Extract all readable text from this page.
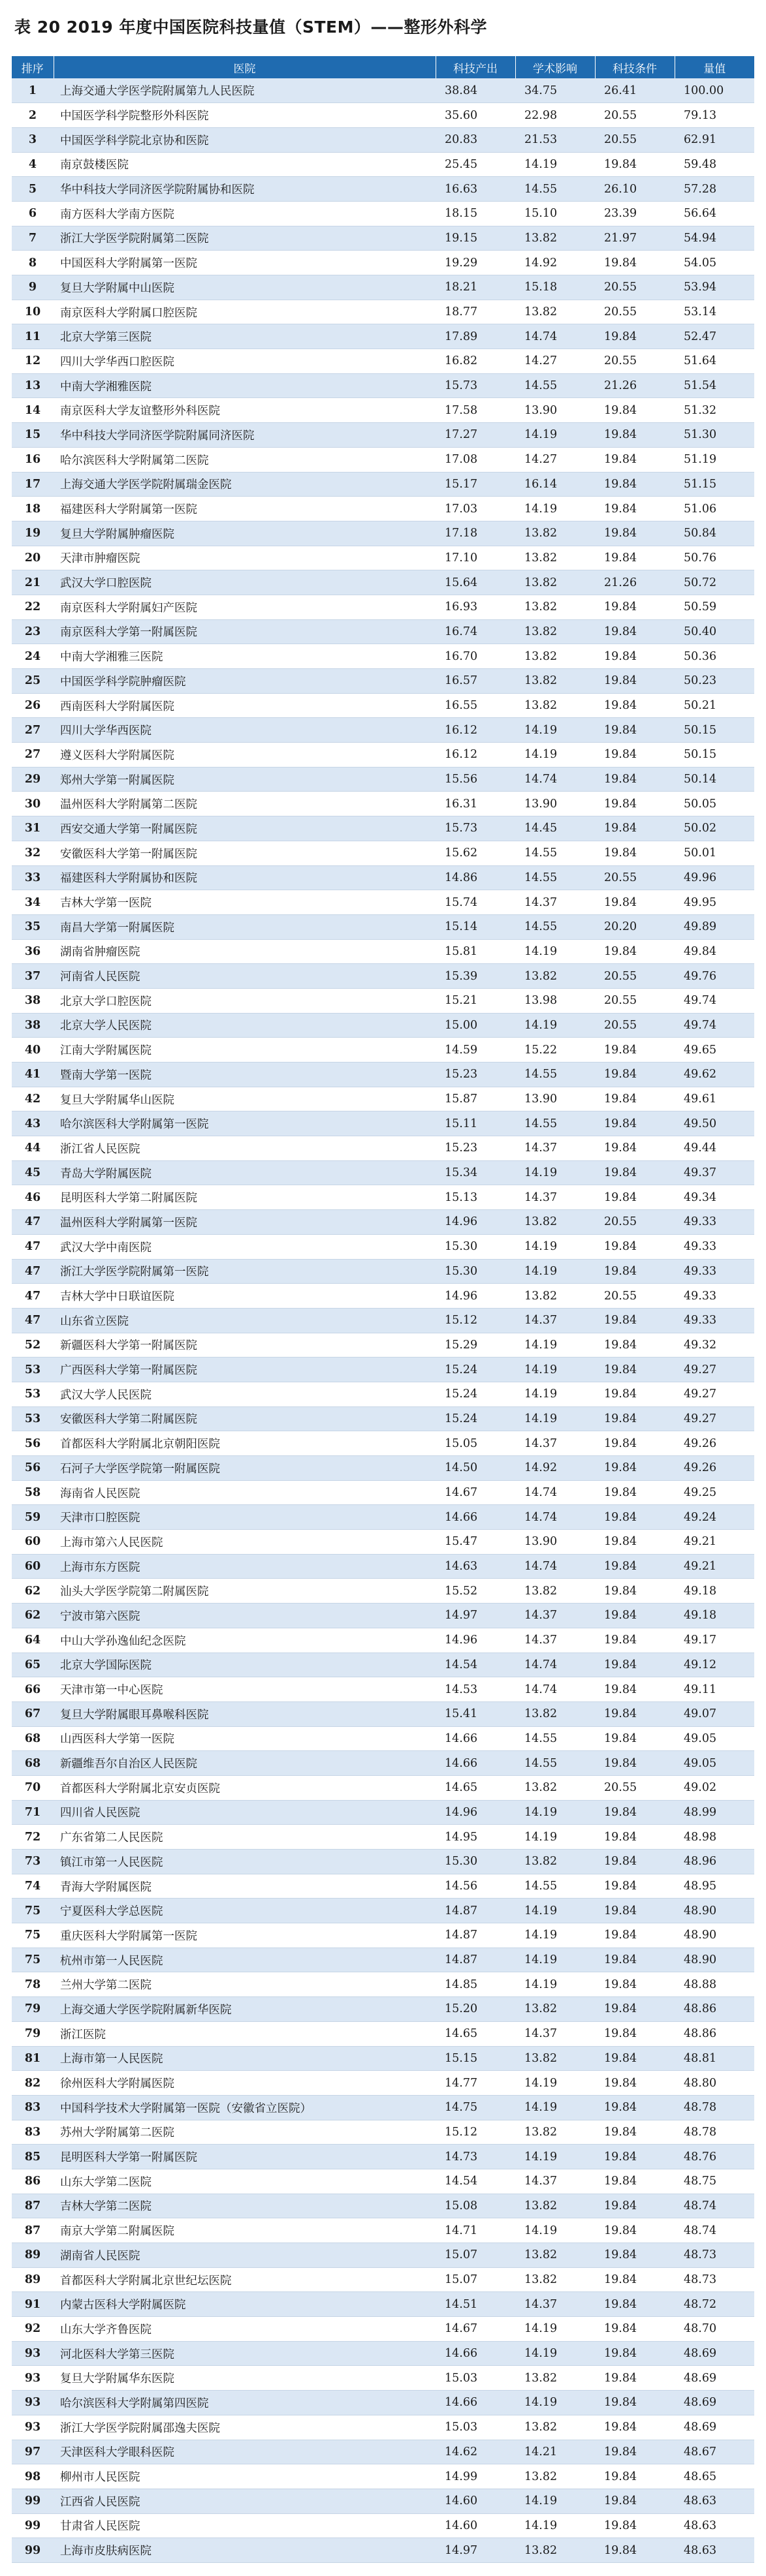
表 20 2019 年度中国医院科技量值（STEM）——整形外科学
排序	医院	科技产出	学术影响	科技条件	量值
1	上海交通大学医学院附属第九人民医院	38.84	34.75	26.41	100.00
2	中国医学科学院整形外科医院	35.60	22.98	20.55	79.13
3	中国医学科学院北京协和医院	20.83	21.53	20.55	62.91
4	南京鼓楼医院	25.45	14.19	19.84	59.48
5	华中科技大学同济医学院附属协和医院	16.63	14.55	26.10	57.28
6	南方医科大学南方医院	18.15	15.10	23.39	56.64
7	浙江大学医学院附属第二医院	19.15	13.82	21.97	54.94
8	中国医科大学附属第一医院	19.29	14.92	19.84	54.05
9	复旦大学附属中山医院	18.21	15.18	20.55	53.94
10	南京医科大学附属口腔医院	18.77	13.82	20.55	53.14
11	北京大学第三医院	17.89	14.74	19.84	52.47
12	四川大学华西口腔医院	16.82	14.27	20.55	51.64
13	中南大学湘雅医院	15.73	14.55	21.26	51.54
14	南京医科大学友谊整形外科医院	17.58	13.90	19.84	51.32
15	华中科技大学同济医学院附属同济医院	17.27	14.19	19.84	51.30
16	哈尔滨医科大学附属第二医院	17.08	14.27	19.84	51.19
17	上海交通大学医学院附属瑞金医院	15.17	16.14	19.84	51.15
18	福建医科大学附属第一医院	17.03	14.19	19.84	51.06
19	复旦大学附属肿瘤医院	17.18	13.82	19.84	50.84
20	天津市肿瘤医院	17.10	13.82	19.84	50.76
21	武汉大学口腔医院	15.64	13.82	21.26	50.72
22	南京医科大学附属妇产医院	16.93	13.82	19.84	50.59
23	南京医科大学第一附属医院	16.74	13.82	19.84	50.40
24	中南大学湘雅三医院	16.70	13.82	19.84	50.36
25	中国医学科学院肿瘤医院	16.57	13.82	19.84	50.23
26	西南医科大学附属医院	16.55	13.82	19.84	50.21
27	四川大学华西医院	16.12	14.19	19.84	50.15
27	遵义医科大学附属医院	16.12	14.19	19.84	50.15
29	郑州大学第一附属医院	15.56	14.74	19.84	50.14
30	温州医科大学附属第二医院	16.31	13.90	19.84	50.05
31	西安交通大学第一附属医院	15.73	14.45	19.84	50.02
32	安徽医科大学第一附属医院	15.62	14.55	19.84	50.01
33	福建医科大学附属协和医院	14.86	14.55	20.55	49.96
34	吉林大学第一医院	15.74	14.37	19.84	49.95
35	南昌大学第一附属医院	15.14	14.55	20.20	49.89
36	湖南省肿瘤医院	15.81	14.19	19.84	49.84
37	河南省人民医院	15.39	13.82	20.55	49.76
38	北京大学口腔医院	15.21	13.98	20.55	49.74
38	北京大学人民医院	15.00	14.19	20.55	49.74
40	江南大学附属医院	14.59	15.22	19.84	49.65
41	暨南大学第一医院	15.23	14.55	19.84	49.62
42	复旦大学附属华山医院	15.87	13.90	19.84	49.61
43	哈尔滨医科大学附属第一医院	15.11	14.55	19.84	49.50
44	浙江省人民医院	15.23	14.37	19.84	49.44
45	青岛大学附属医院	15.34	14.19	19.84	49.37
46	昆明医科大学第二附属医院	15.13	14.37	19.84	49.34
47	温州医科大学附属第一医院	14.96	13.82	20.55	49.33
47	武汉大学中南医院	15.30	14.19	19.84	49.33
47	浙江大学医学院附属第一医院	15.30	14.19	19.84	49.33
47	吉林大学中日联谊医院	14.96	13.82	20.55	49.33
47	山东省立医院	15.12	14.37	19.84	49.33
52	新疆医科大学第一附属医院	15.29	14.19	19.84	49.32
53	广西医科大学第一附属医院	15.24	14.19	19.84	49.27
53	武汉大学人民医院	15.24	14.19	19.84	49.27
53	安徽医科大学第二附属医院	15.24	14.19	19.84	49.27
56	首都医科大学附属北京朝阳医院	15.05	14.37	19.84	49.26
56	石河子大学医学院第一附属医院	14.50	14.92	19.84	49.26
58	海南省人民医院	14.67	14.74	19.84	49.25
59	天津市口腔医院	14.66	14.74	19.84	49.24
60	上海市第六人民医院	15.47	13.90	19.84	49.21
60	上海市东方医院	14.63	14.74	19.84	49.21
62	汕头大学医学院第二附属医院	15.52	13.82	19.84	49.18
62	宁波市第六医院	14.97	14.37	19.84	49.18
64	中山大学孙逸仙纪念医院	14.96	14.37	19.84	49.17
65	北京大学国际医院	14.54	14.74	19.84	49.12
66	天津市第一中心医院	14.53	14.74	19.84	49.11
67	复旦大学附属眼耳鼻喉科医院	15.41	13.82	19.84	49.07
68	山西医科大学第一医院	14.66	14.55	19.84	49.05
68	新疆维吾尔自治区人民医院	14.66	14.55	19.84	49.05
70	首都医科大学附属北京安贞医院	14.65	13.82	20.55	49.02
71	四川省人民医院	14.96	14.19	19.84	48.99
72	广东省第二人民医院	14.95	14.19	19.84	48.98
73	镇江市第一人民医院	15.30	13.82	19.84	48.96
74	青海大学附属医院	14.56	14.55	19.84	48.95
75	宁夏医科大学总医院	14.87	14.19	19.84	48.90
75	重庆医科大学附属第一医院	14.87	14.19	19.84	48.90
75	杭州市第一人民医院	14.87	14.19	19.84	48.90
78	兰州大学第二医院	14.85	14.19	19.84	48.88
79	上海交通大学医学院附属新华医院	15.20	13.82	19.84	48.86
79	浙江医院	14.65	14.37	19.84	48.86
81	上海市第一人民医院	15.15	13.82	19.84	48.81
82	徐州医科大学附属医院	14.77	14.19	19.84	48.80
83	中国科学技术大学附属第一医院（安徽省立医院）	14.75	14.19	19.84	48.78
83	苏州大学附属第二医院	15.12	13.82	19.84	48.78
85	昆明医科大学第一附属医院	14.73	14.19	19.84	48.76
86	山东大学第二医院	14.54	14.37	19.84	48.75
87	吉林大学第二医院	15.08	13.82	19.84	48.74
87	南京大学第二附属医院	14.71	14.19	19.84	48.74
89	湖南省人民医院	15.07	13.82	19.84	48.73
89	首都医科大学附属北京世纪坛医院	15.07	13.82	19.84	48.73
91	内蒙古医科大学附属医院	14.51	14.37	19.84	48.72
92	山东大学齐鲁医院	14.67	14.19	19.84	48.70
93	河北医科大学第三医院	14.66	14.19	19.84	48.69
93	复旦大学附属华东医院	15.03	13.82	19.84	48.69
93	哈尔滨医科大学附属第四医院	14.66	14.19	19.84	48.69
93	浙江大学医学院附属邵逸夫医院	15.03	13.82	19.84	48.69
97	天津医科大学眼科医院	14.62	14.21	19.84	48.67
98	柳州市人民医院	14.99	13.82	19.84	48.65
99	江西省人民医院	14.60	14.19	19.84	48.63
99	甘肃省人民医院	14.60	14.19	19.84	48.63
99	上海市皮肤病医院	14.97	13.82	19.84	48.63
